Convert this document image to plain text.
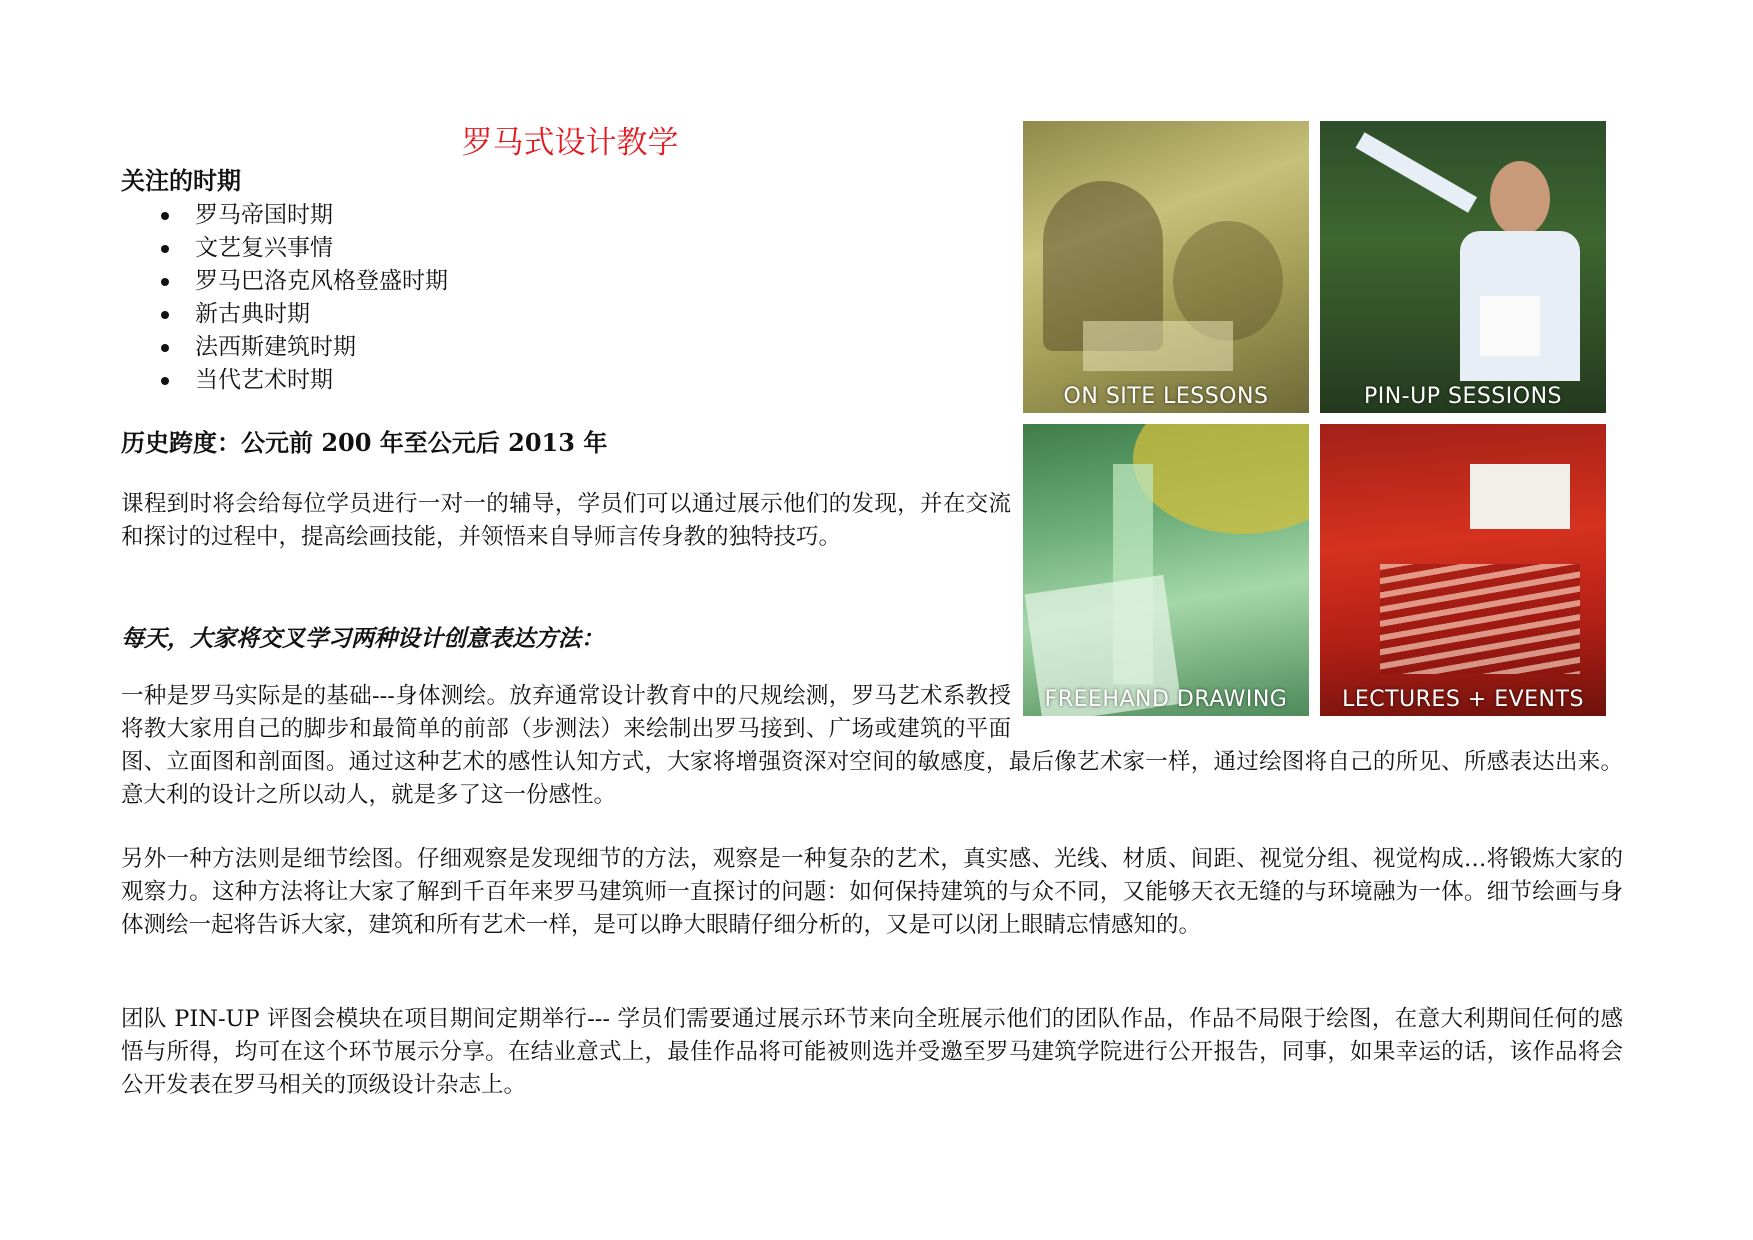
罗马式设计教学
关注的时期
罗马帝国时期
文艺复兴事情
罗马巴洛克风格登盛时期
新古典时期
法西斯建筑时期
当代艺术时期
历史跨度：公元前 200 年至公元后 2013 年

课程到时将会给每位学员进行一对一的辅导，学员们可以通过展示他们的发现，并在交流和探讨的过程中，提高绘画技能，并领悟来自导师言传身教的独特技巧。

每天，大家将交叉学习两种设计创意表达方法：

一种是罗马实际是的基础---身体测绘。放弃通常设计教育中的尺规绘测，罗马艺术系教授将教大家用自己的脚步和最简单的前部（步测法）来绘制出罗马接到、广场或建筑的平面图、立面图和剖面图。通过这种艺术的感性认知方式，大家将增强资深对空间的敏感度，最后像艺术家一样，通过绘图将自己的所见、所感表达出来。意大利的设计之所以动人，就是多了这一份感性。

另外一种方法则是细节绘图。仔细观察是发现细节的方法，观察是一种复杂的艺术，真实感、光线、材质、间距、视觉分组、视觉构成…将锻炼大家的观察力。这种方法将让大家了解到千百年来罗马建筑师一直探讨的问题：如何保持建筑的与众不同，又能够天衣无缝的与环境融为一体。细节绘画与身体测绘一起将告诉大家，建筑和所有艺术一样，是可以睁大眼睛仔细分析的，又是可以闭上眼睛忘情感知的。

团队 PIN-UP 评图会模块在项目期间定期举行--- 学员们需要通过展示环节来向全班展示他们的团队作品，作品不局限于绘图，在意大利期间任何的感悟与所得，均可在这个环节展示分享。在结业意式上，最佳作品将可能被则选并受邀至罗马建筑学院进行公开报告，同事，如果幸运的话，该作品将会公开发表在罗马相关的顶级设计杂志上。

ON SITE LESSONS	PIN-UP SESSIONS
FREEHAND DRAWING	LECTURES + EVENTS
